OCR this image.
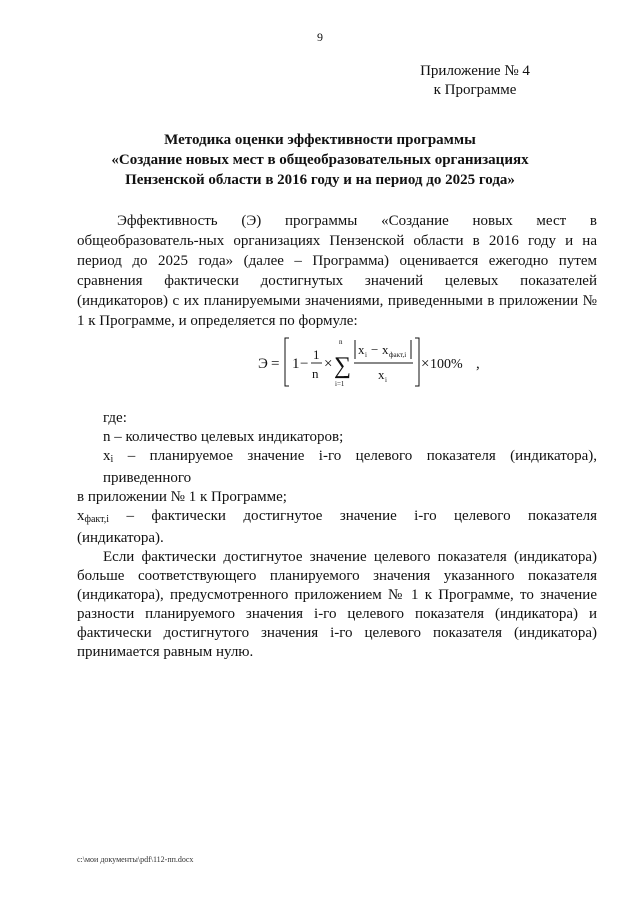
9
Приложение № 4
к Программе
Методика оценки эффективности программы
«Создание новых мест в общеобразовательных организациях
Пензенской области в 2016 году и на период до 2025 года»

Эффективность (Э) программы «Создание новых мест в общеобразователь-ных организациях Пензенской области в 2016 году и на период до 2025 года» (далее – Программа) оценивается ежегодно путем сравнения фактически достигнутых значений целевых показателей (индикаторов) с их планируемыми значениями, приведенными в приложении № 1 к Программе, и определяется по формуле:

Э = 1 −
1
n
×
n
∑
i=1
x i − x факт,i
x i
× 100% ,

где:

n – количество целевых индикаторов;

$x_i$ – планируемое значение i-го целевого показателя (индикатора), приведенного

в приложении № 1 к Программе;

$x_{факт,i}$ – фактически достигнутое значение i-го целевого показателя

(индикатора).

Если фактически достигнутое значение целевого показателя (индикатора) больше соответствующего планируемого значения указанного показателя (индикатора), предусмотренного приложением № 1 к Программе, то значение разности планируемого значения i-го целевого показателя (индикатора) и фактически достигнутого значения i-го целевого показателя (индикатора) принимается равным нулю.

c:\мои документы\pdf\112-пп.docx
